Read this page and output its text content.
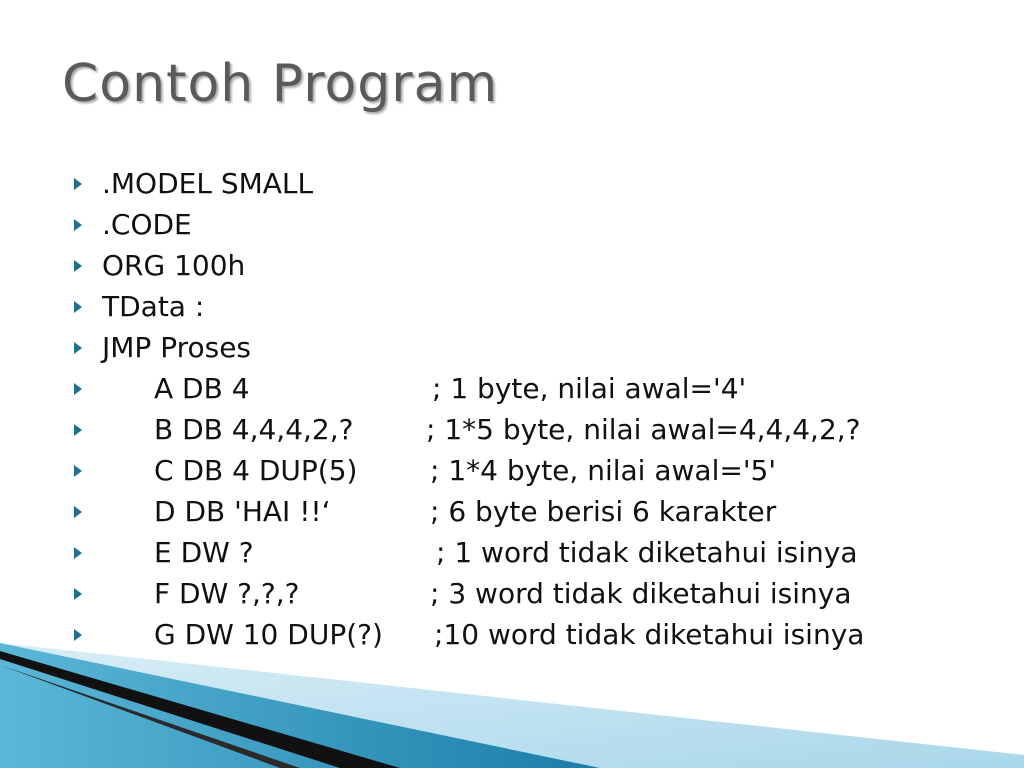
Contoh Program
.MODEL SMALL
.CODE
ORG 100h
TData :
JMP Proses
A DB 4	; 1 byte, nilai awal='4'
B DB 4,4,4,2,?	; 1*5 byte, nilai awal=4,4,4,2,?
C DB 4 DUP(5)	; 1*4 byte, nilai awal='5'
D DB 'HAI !!‘	; 6 byte berisi 6 karakter
E DW ?	; 1 word tidak diketahui isinya
F DW ?,?,?	; 3 word tidak diketahui isinya
G DW 10 DUP(?) ;10 word tidak diketahui isinya
